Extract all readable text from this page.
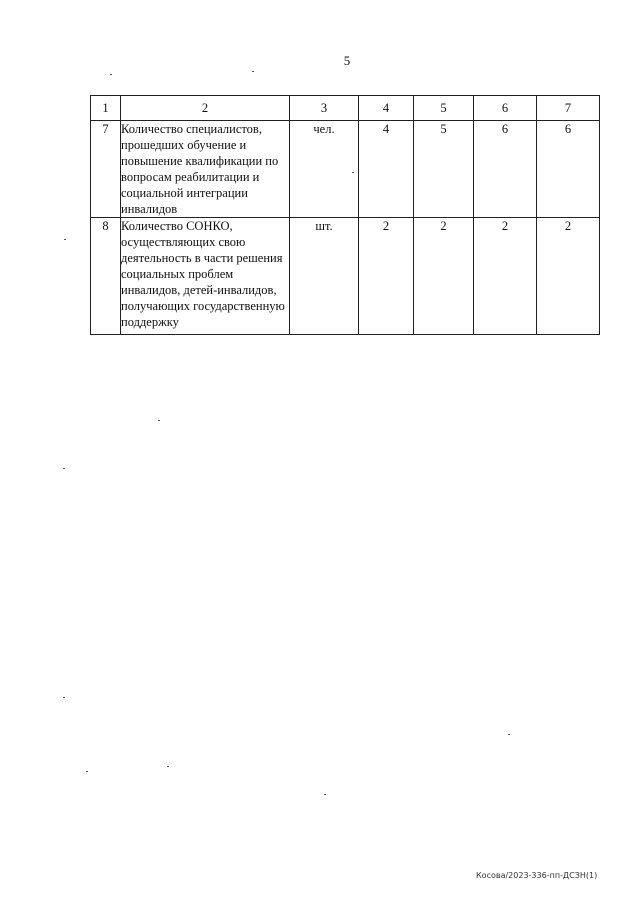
5
1	2	3	4	5	6	7
7	Количество специалистов, прошедших обучение и повышение квалификации по вопросам реабилитации и социальной интеграции инвалидов	чел.	4	5	6	6
8	Количество СОНКО, осуществляющих свою деятельность в части решения социальных проблем инвалидов, детей-инвалидов, получающих государственную поддержку	шт.	2	2	2	2
Косова/2023-336-пп-ДСЗН(1)
